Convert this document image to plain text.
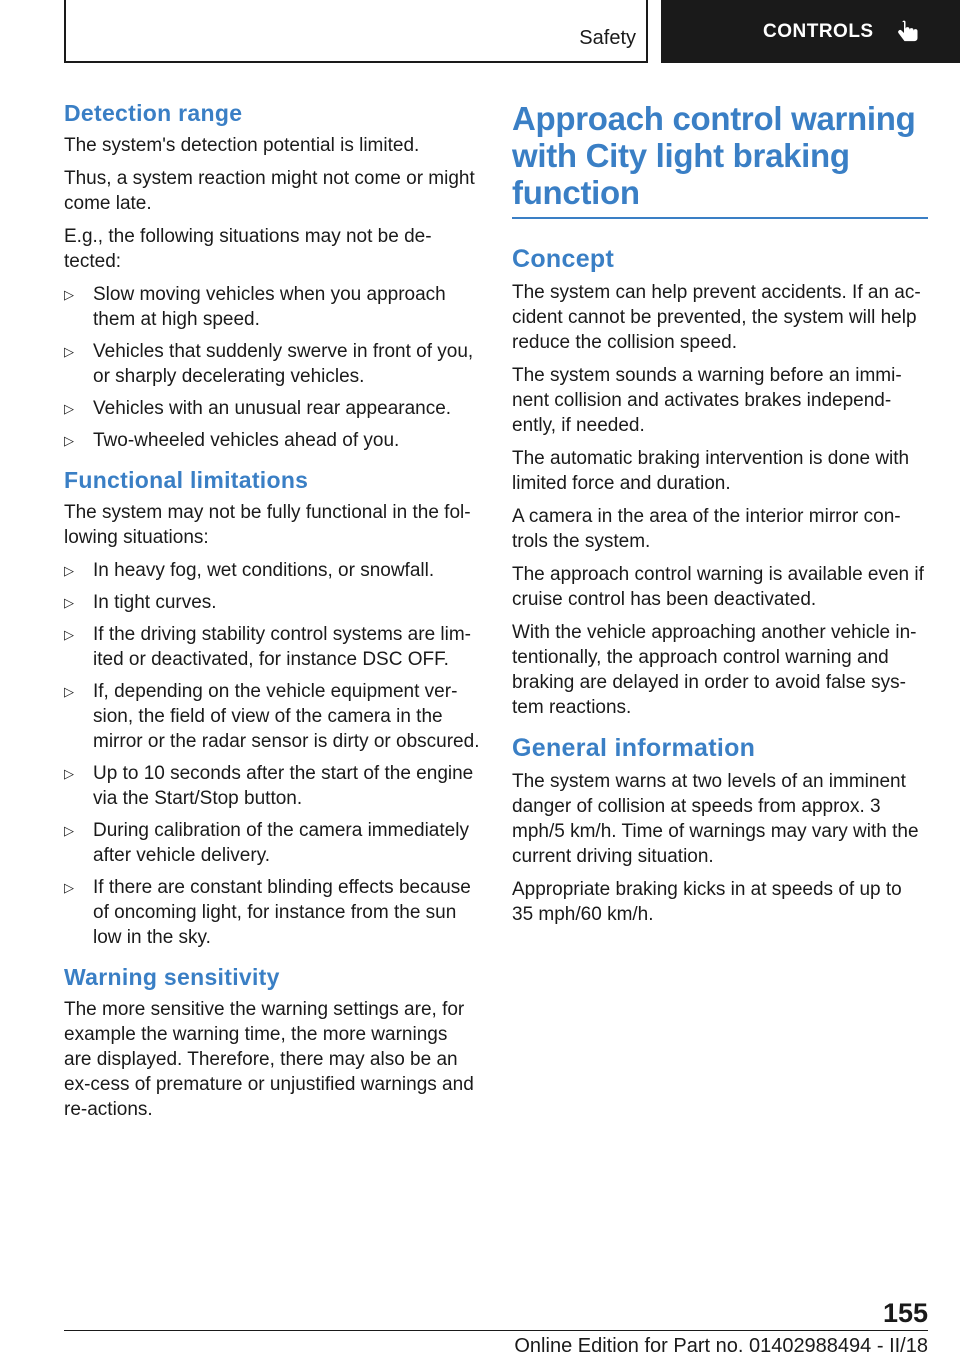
Safety	CONTROLS
Detection range

The system's detection potential is limited.

Thus, a system reaction might not come or might come late.

E.g., the following situations may not be de‐tected:

▷ Slow moving vehicles when you approach them at high speed.
▷ Vehicles that suddenly swerve in front of you, or sharply decelerating vehicles.
▷ Vehicles with an unusual rear appearance.
▷ Two-wheeled vehicles ahead of you.
Functional limitations

The system may not be fully functional in the fol‐lowing situations:

▷ In heavy fog, wet conditions, or snowfall.
▷ In tight curves.
▷ If the driving stability control systems are lim‐ited or deactivated, for instance DSC OFF.
▷ If, depending on the vehicle equipment ver‐sion, the field of view of the camera in the mirror or the radar sensor is dirty or obscured.
▷ Up to 10 seconds after the start of the engine via the Start/Stop button.
▷ During calibration of the camera immediately after vehicle delivery.
▷ If there are constant blinding effects because of oncoming light, for instance from the sun low in the sky.
Warning sensitivity

The more sensitive the warning settings are, for example the warning time, the more warnings are displayed. Therefore, there may also be an ex‐cess of premature or unjustified warnings and re‐actions.

Approach control warning with City light braking function
Concept

The system can help prevent accidents. If an ac‐cident cannot be prevented, the system will help reduce the collision speed.

The system sounds a warning before an immi‐nent collision and activates brakes independ‐ently, if needed.

The automatic braking intervention is done with limited force and duration.

A camera in the area of the interior mirror con‐trols the system.

The approach control warning is available even if cruise control has been deactivated.

With the vehicle approaching another vehicle in‐tentionally, the approach control warning and braking are delayed in order to avoid false sys‐tem reactions.

General information

The system warns at two levels of an imminent danger of collision at speeds from approx. 3 mph/5 km/h. Time of warnings may vary with the current driving situation.

Appropriate braking kicks in at speeds of up to 35 mph/60 km/h.

155
Online Edition for Part no. 01402988494 - II/18
